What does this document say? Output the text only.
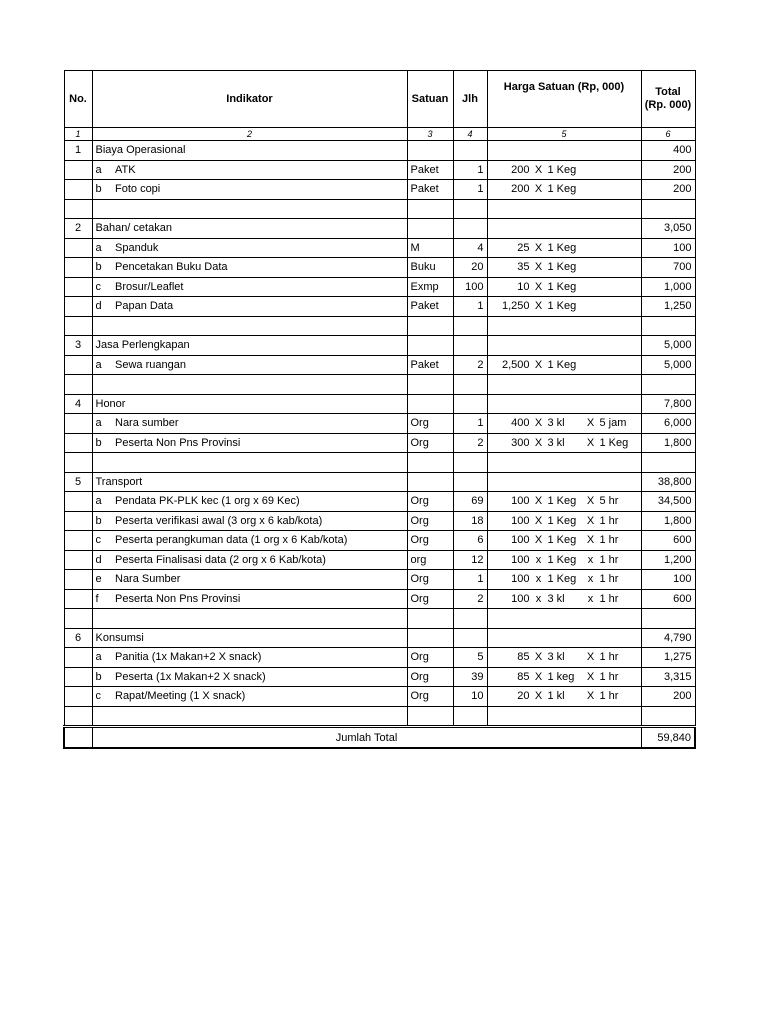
No.	Indikator		Satuan	Jlh	Harga Satuan (Rp, 000)	Total (Rp. 000)
1	2		3	4	5	6
1	Biaya Operasional					400
	a	ATK	Paket	1	200 X 1 Keg	200
	b	Foto copi	Paket	1	200 X 1 Keg	200

2	Bahan/ cetakan					3,050
	a	Spanduk	M	4	25 X 1 Keg	100
	b	Pencetakan Buku Data	Buku	20	35 X 1 Keg	700
	c	Brosur/Leaflet	Exmp	100	10 X 1 Keg	1,000
	d	Papan Data	Paket	1	1,250 X 1 Keg	1,250

3	Jasa Perlengkapan					5,000
	a	Sewa ruangan	Paket	2	2,500 X 1 Keg	5,000

4	Honor					7,800
	a	Nara sumber	Org	1	400 X 3 kl X 5 jam	6,000
	b	Peserta Non Pns Provinsi	Org	2	300 X 3 kl X 1 Keg	1,800

5	Transport					38,800
	a	Pendata PK-PLK kec (1 org x 69 Kec)	Org	69	100 X 1 Keg X 5 hr	34,500
	b	Peserta verifikasi awal (3 org x 6 kab/kota)	Org	18	100 X 1 Keg X 1 hr	1,800
	c	Peserta perangkuman data (1 org x 6 Kab/kota)	Org	6	100 X 1 Keg X 1 hr	600
	d	Peserta Finalisasi data (2 org x 6 Kab/kota)	org	12	100 x 1 Keg x 1 hr	1,200
	e	Nara Sumber	Org	1	100 x 1 Keg x 1 hr	100
	f	Peserta Non Pns Provinsi	Org	2	100 x 3 kl x 1 hr	600

6	Konsumsi					4,790
	a	Panitia (1x Makan+2 X snack)	Org	5	85 X 3 kl X 1 hr	1,275
	b	Peserta (1x Makan+2 X snack)	Org	39	85 X 1 keg X 1 hr	3,315
	c	Rapat/Meeting (1 X snack)	Org	10	20 X 1 kl X 1 hr	200

	Jumlah Total					59,840
